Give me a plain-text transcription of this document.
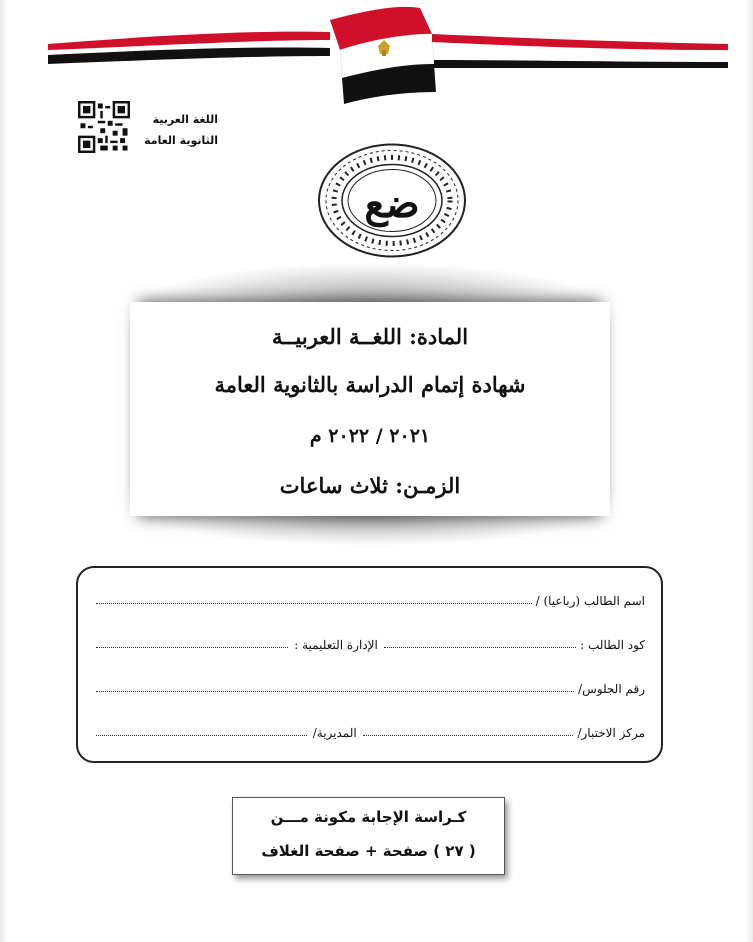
اللغة العربية
الثانوية العامة
ضع
المادة: اللغــة العربيــة
شهادة إتمام الدراسة بالثانوية العامة
٢٠٢١ / ٢٠٢٢ م
الزمـن: ثلاث ساعات
اسم الطالب (رباعيا) /
كود الطالب :
الإدارة التعليمية :
رقم الجلوس/
مركز الاختبار/
المديرية/
كـراسة الإجابة مكونة مـــن
( ٢٧ ) صفحة + صفحة الغلاف
